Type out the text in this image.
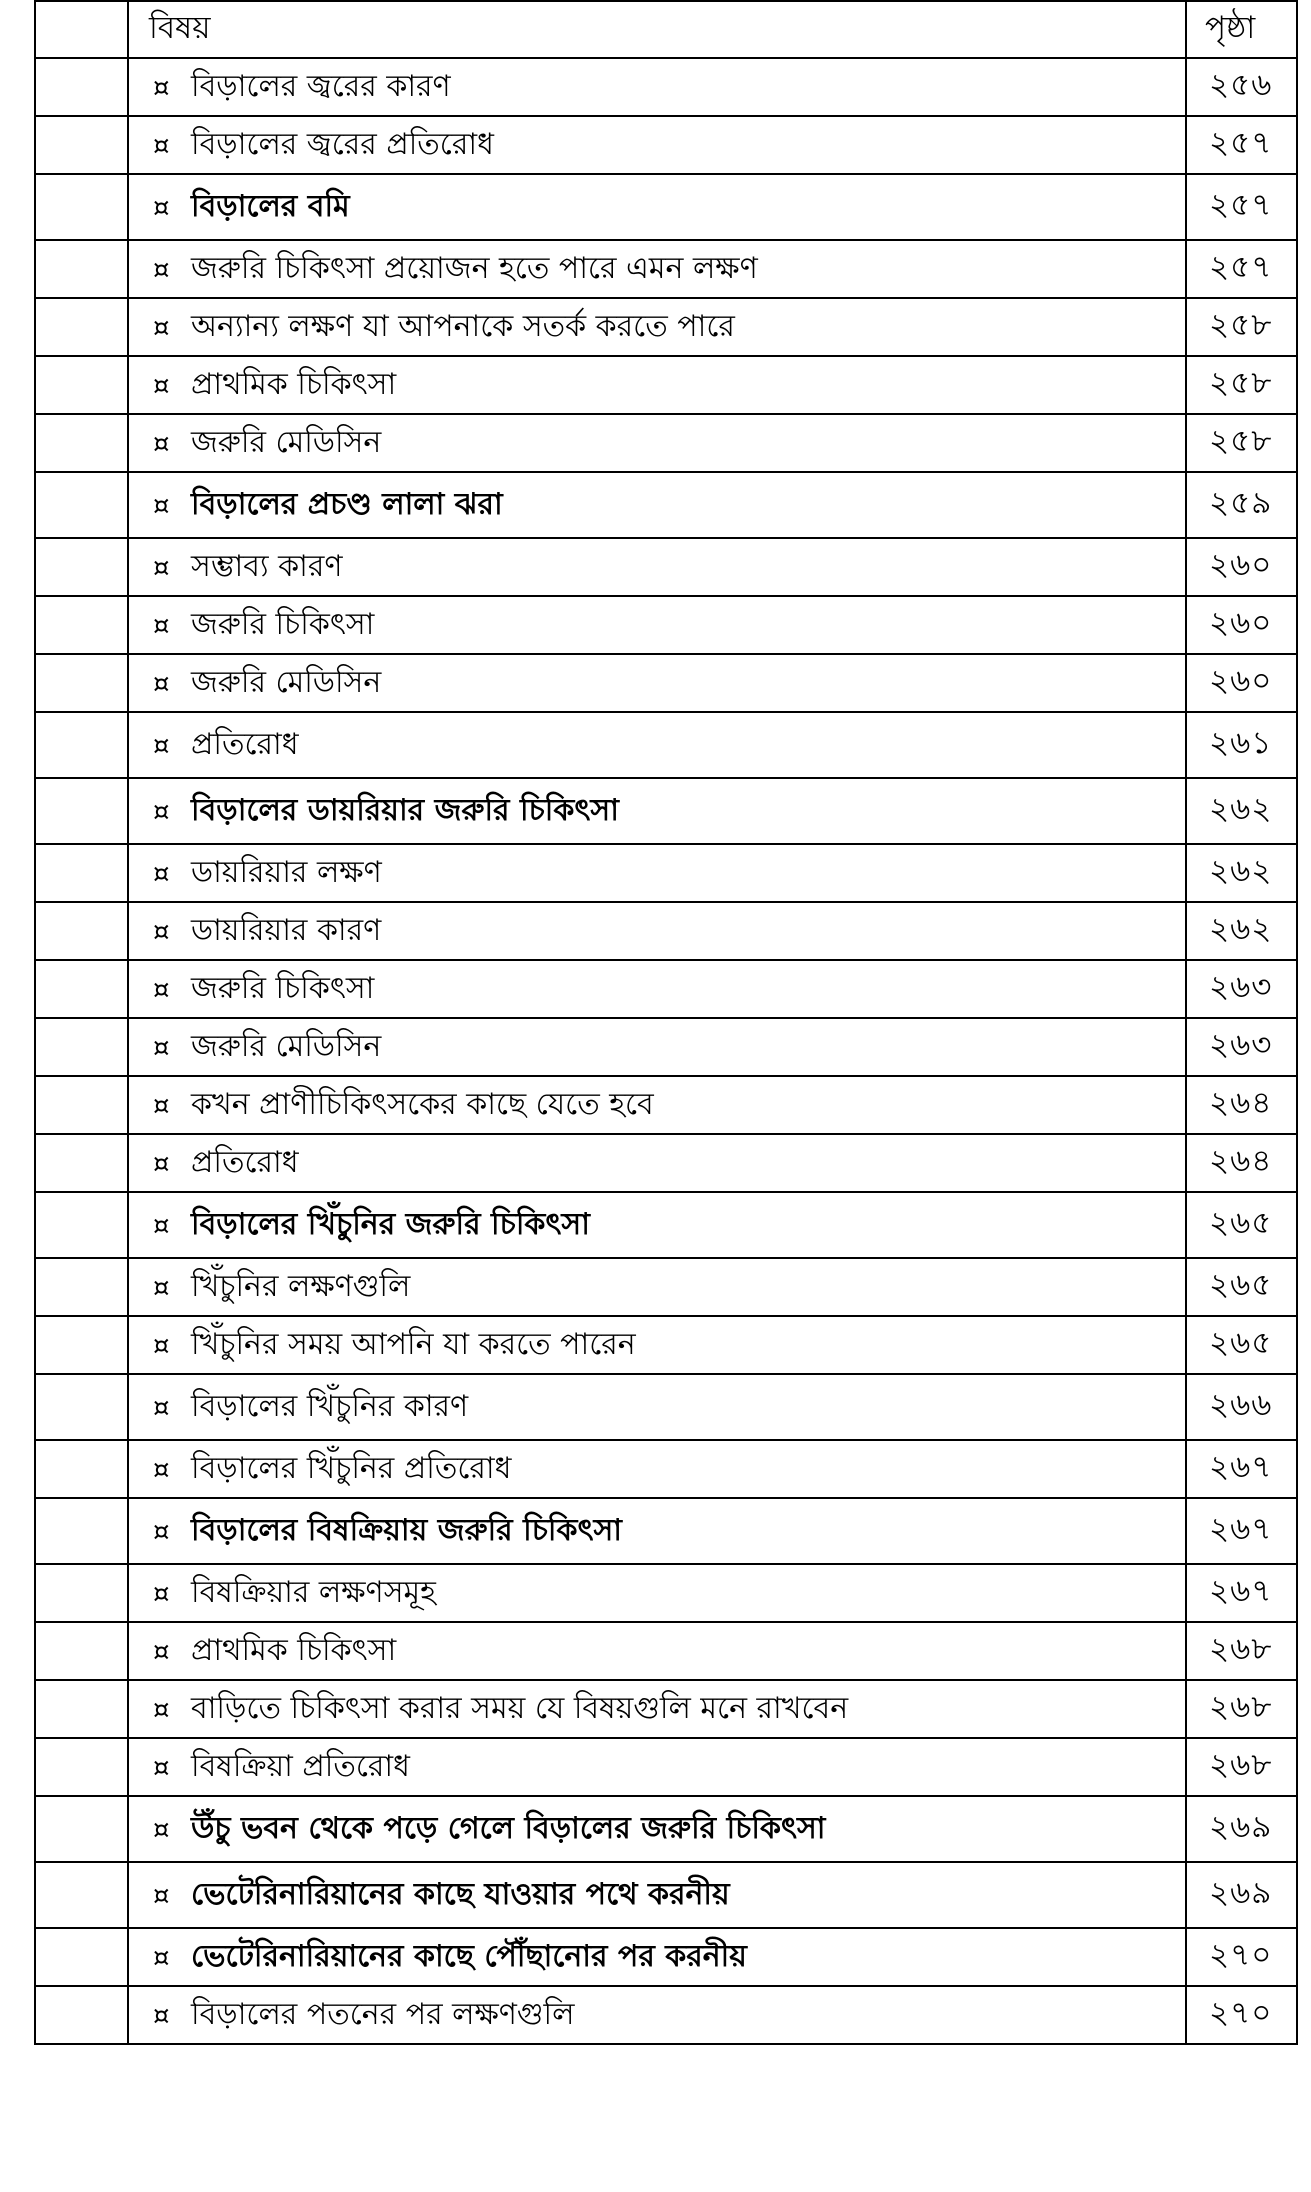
	বিষয়	পৃষ্ঠা
	¤ বিড়ালের জ্বরের কারণ	২৫৬
	¤ বিড়ালের জ্বরের প্রতিরোধ	২৫৭
	¤ বিড়ালের বমি	২৫৭
	¤ জরুরি চিকিৎসা প্রয়োজন হতে পারে এমন লক্ষণ	২৫৭
	¤ অন্যান্য লক্ষণ যা আপনাকে সতর্ক করতে পারে	২৫৮
	¤ প্রাথমিক চিকিৎসা	২৫৮
	¤ জরুরি মেডিসিন	২৫৮
	¤ বিড়ালের প্রচণ্ড লালা ঝরা	২৫৯
	¤ সম্ভাব্য কারণ	২৬০
	¤ জরুরি চিকিৎসা	২৬০
	¤ জরুরি মেডিসিন	২৬০
	¤ প্রতিরোধ	২৬১
	¤ বিড়ালের ডায়রিয়ার জরুরি চিকিৎসা	২৬২
	¤ ডায়রিয়ার লক্ষণ	২৬২
	¤ ডায়রিয়ার কারণ	২৬২
	¤ জরুরি চিকিৎসা	২৬৩
	¤ জরুরি মেডিসিন	২৬৩
	¤ কখন প্রাণীচিকিৎসকের কাছে যেতে হবে	২৬৪
	¤ প্রতিরোধ	২৬৪
	¤ বিড়ালের খিঁচুনির জরুরি চিকিৎসা	২৬৫
	¤ খিঁচুনির লক্ষণগুলি	২৬৫
	¤ খিঁচুনির সময় আপনি যা করতে পারেন	২৬৫
	¤ বিড়ালের খিঁচুনির কারণ	২৬৬
	¤ বিড়ালের খিঁচুনির প্রতিরোধ	২৬৭
	¤ বিড়ালের বিষক্রিয়ায় জরুরি চিকিৎসা	২৬৭
	¤ বিষক্রিয়ার লক্ষণসমূহ	২৬৭
	¤ প্রাথমিক চিকিৎসা	২৬৮
	¤ বাড়িতে চিকিৎসা করার সময় যে বিষয়গুলি মনে রাখবেন	২৬৮
	¤ বিষক্রিয়া প্রতিরোধ	২৬৮
	¤ উঁচু ভবন থেকে পড়ে গেলে বিড়ালের জরুরি চিকিৎসা	২৬৯
	¤ ভেটেরিনারিয়ানের কাছে যাওয়ার পথে করনীয়	২৬৯
	¤ ভেটেরিনারিয়ানের কাছে পৌঁছানোর পর করনীয়	২৭০
	¤ বিড়ালের পতনের পর লক্ষণগুলি	২৭০
